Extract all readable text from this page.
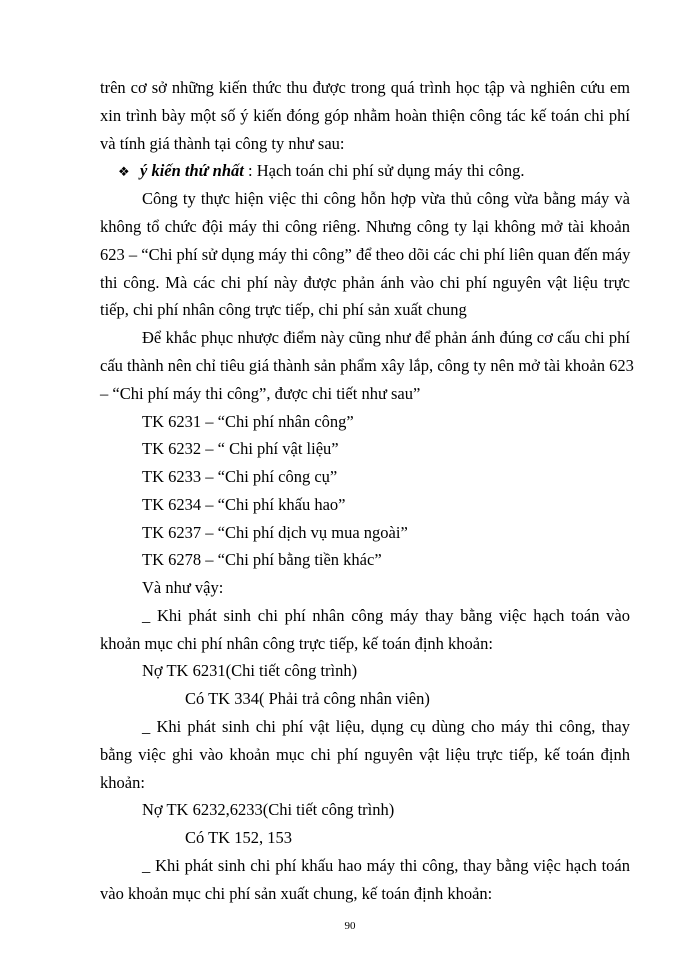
trên cơ sở những kiến thức thu được trong quá trình học tập và nghiên cứu em
xin trình bày một số ý kiến đóng góp nhằm hoàn thiện công tác kế toán chi phí
và tính giá thành tại công ty như sau:
❖ ý kiến thứ nhất : Hạch toán chi phí sử dụng máy thi công.
Công ty thực hiện việc thi công hỗn hợp vừa thủ công vừa bằng máy và
không tổ chức đội máy thi công riêng. Nhưng công ty lại không mở tài khoản
623 – “Chi phí sử dụng máy thi công” để theo dõi các chi phí liên quan đến máy
thi công. Mà các chi phí này được phản ánh vào chi phí nguyên vật liệu trực
tiếp, chi phí nhân công trực tiếp, chi phí sản xuất chung
Để khắc phục nhược điểm này cũng như để phản ánh đúng cơ cấu chi phí
cấu thành nên chỉ tiêu giá thành sản phẩm xây lắp, công ty nên mở tài khoản 623
– “Chi phí máy thi công”, được chi tiết như sau”
TK 6231 – “Chi phí nhân công”
TK 6232 – “ Chi phí vật liệu”
TK 6233 – “Chi phí công cụ”
TK 6234 – “Chi phí khấu hao”
TK 6237 – “Chi phí dịch vụ mua ngoài”
TK 6278 – “Chi phí bằng tiền khác”
Và như vậy:
_ Khi phát sinh chi phí nhân công máy thay bằng việc hạch toán vào
khoản mục chi phí nhân công trực tiếp, kế toán định khoản:
Nợ TK 6231(Chi tiết công trình)
Có TK 334( Phải trả công nhân viên)
_ Khi phát sinh chi phí vật liệu, dụng cụ dùng cho máy thi công, thay
bằng việc ghi vào khoản mục chi phí nguyên vật liệu trực tiếp, kế toán định
khoản:
Nợ TK 6232,6233(Chi tiết công trình)
Có TK 152, 153
_ Khi phát sinh chi phí khấu hao máy thi công, thay bằng việc hạch toán
vào khoản mục chi phí sản xuất chung, kế toán định khoản:
90
